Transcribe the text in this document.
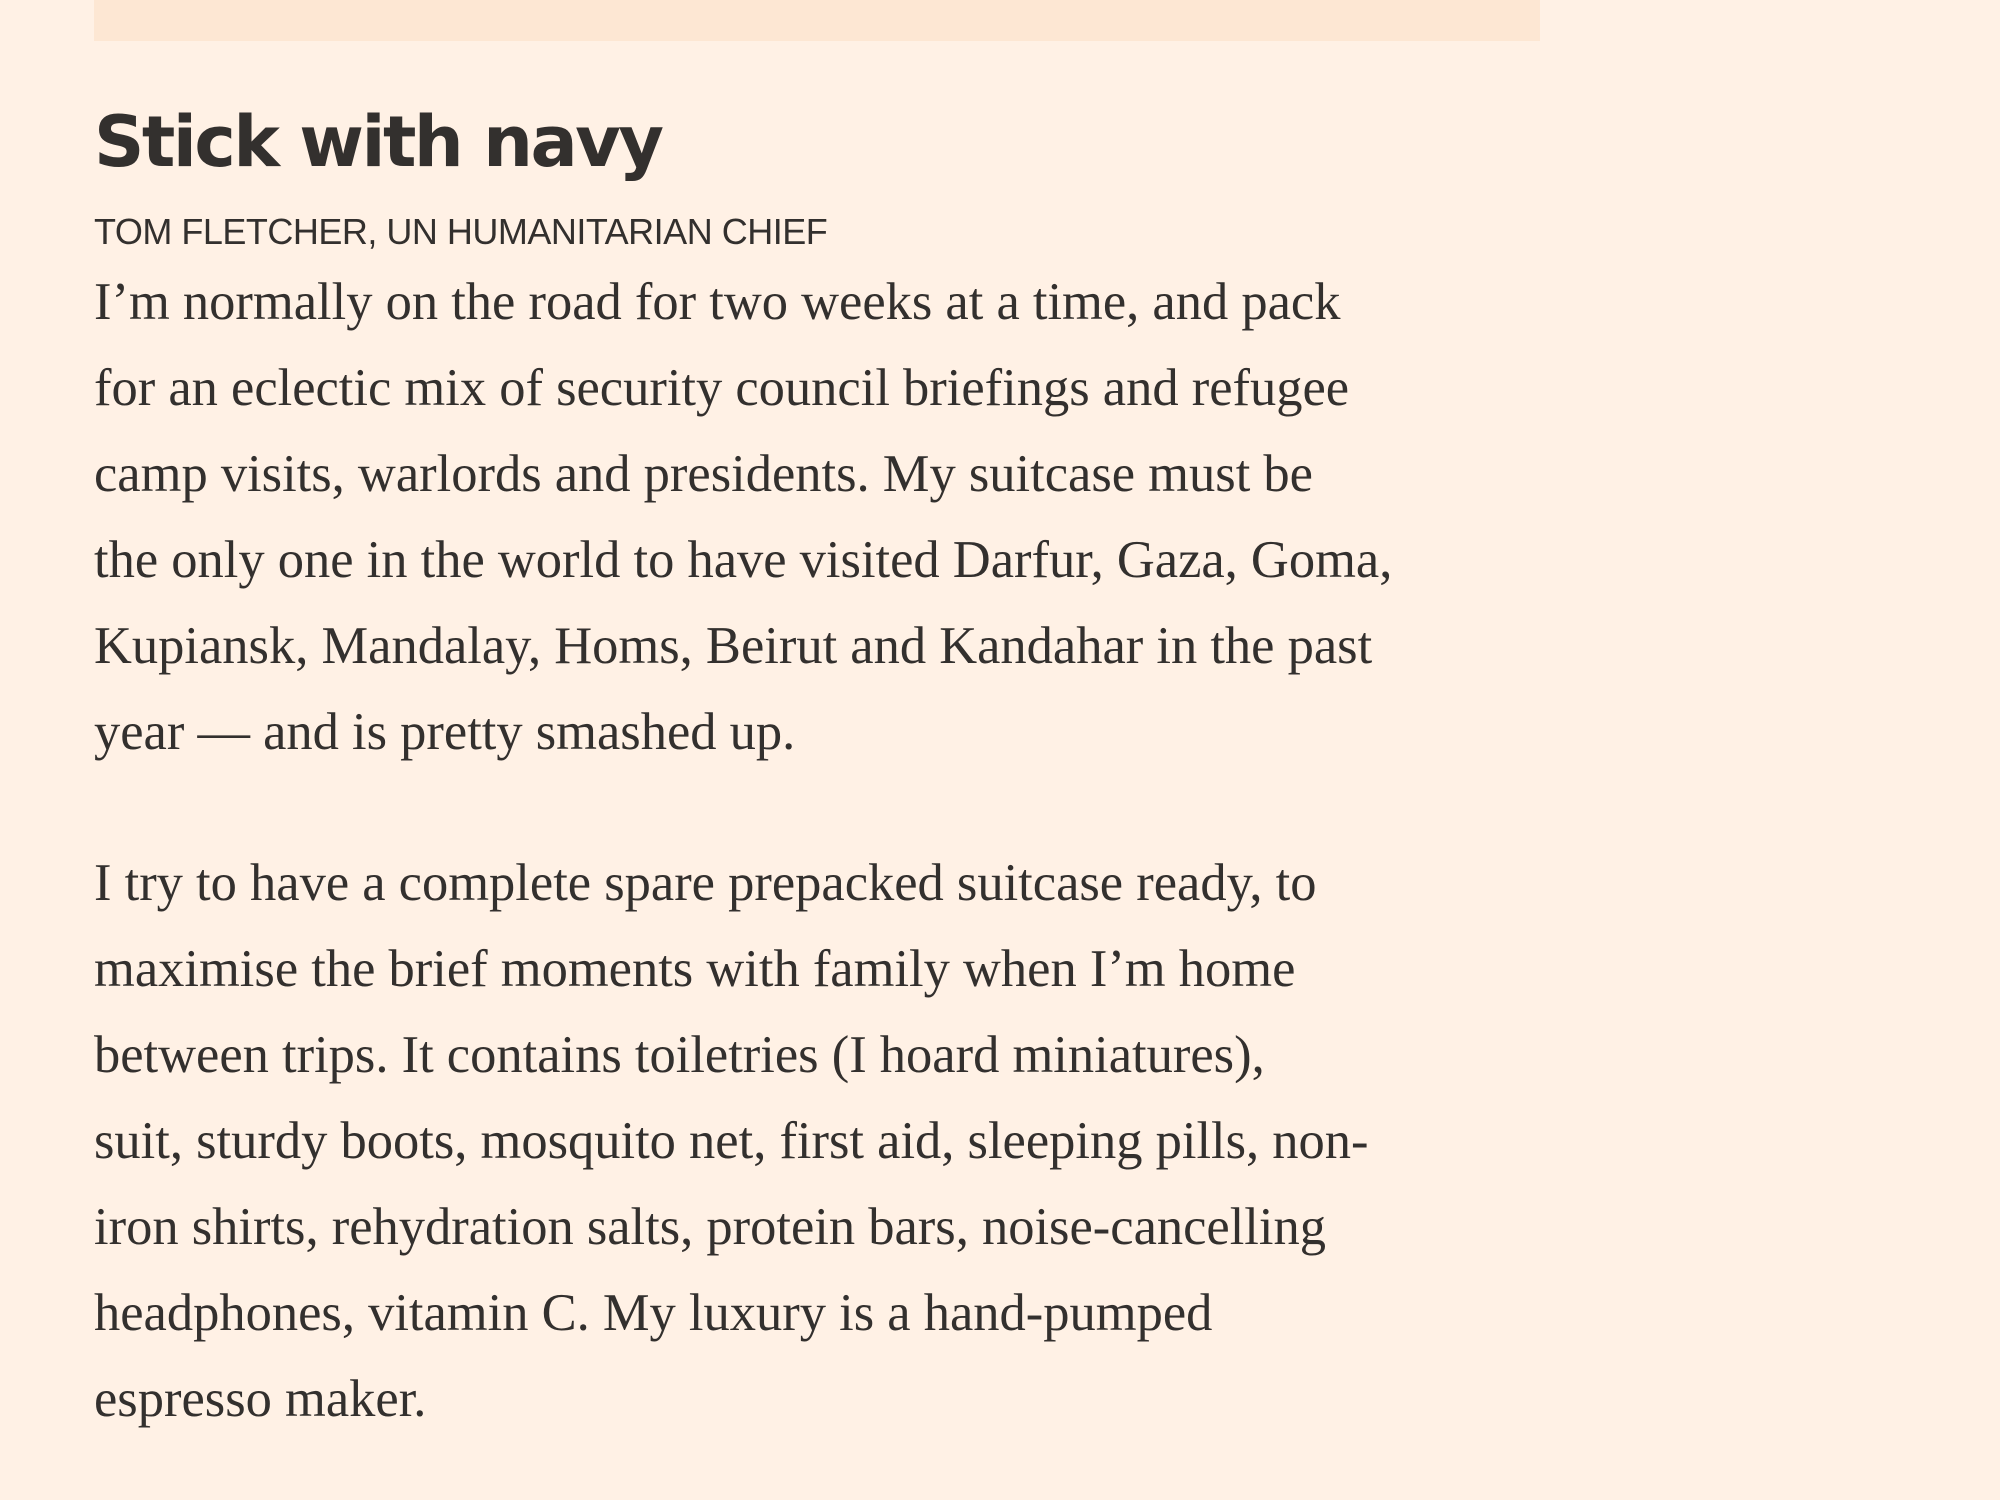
Stick with navy
TOM FLETCHER, UN HUMANITARIAN CHIEF

I’m normally on the road for two weeks at a time, and pack
for an eclectic mix of security council briefings and refugee
camp visits, warlords and presidents. My suitcase must be
the only one in the world to have visited Darfur, Gaza, Goma,
Kupiansk, Mandalay, Homs, Beirut and Kandahar in the past
year — and is pretty smashed up.

I try to have a complete spare prepacked suitcase ready, to
maximise the brief moments with family when I’m home
between trips. It contains toiletries (I hoard miniatures),
suit, sturdy boots, mosquito net, first aid, sleeping pills, non-
iron shirts, rehydration salts, protein bars, noise-cancelling
headphones, vitamin C. My luxury is a hand-pumped
espresso maker.
